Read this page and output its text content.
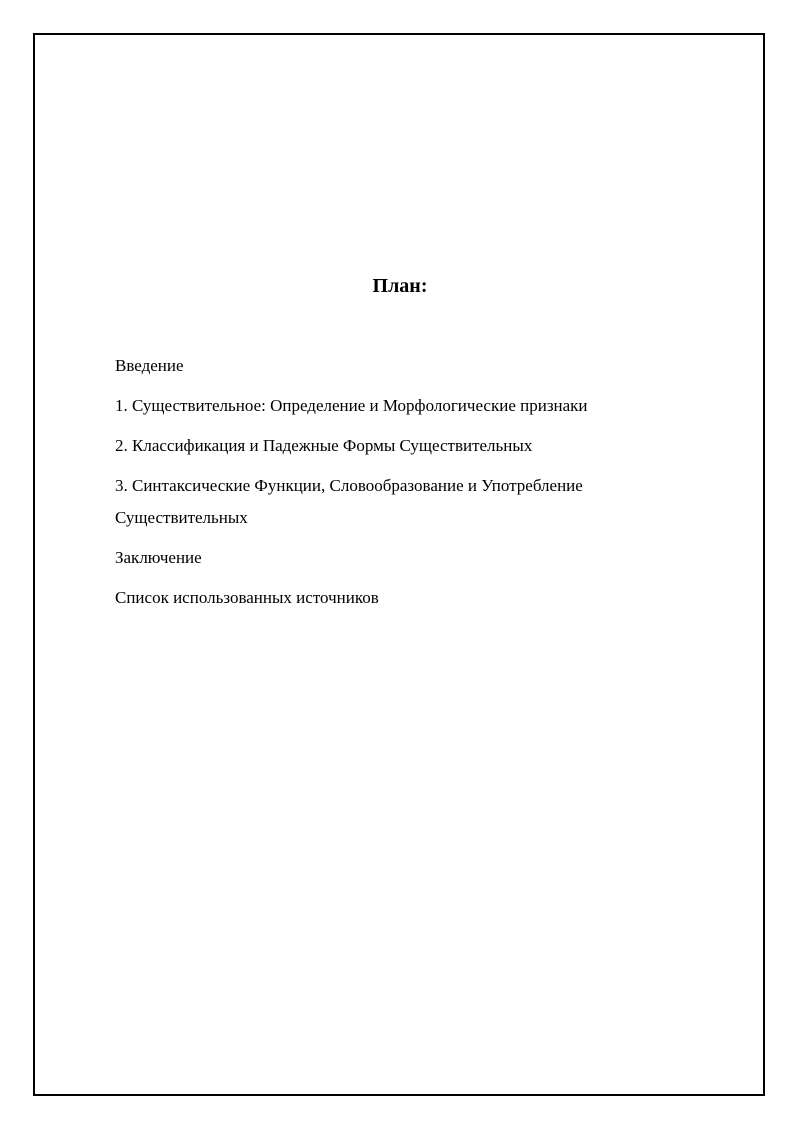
План:
Введение
1. Существительное: Определение и Морфологические признаки
2. Классификация и Падежные Формы Существительных
3. Синтаксические Функции, Словообразование и Употребление Существительных
Заключение
Список использованных источников
